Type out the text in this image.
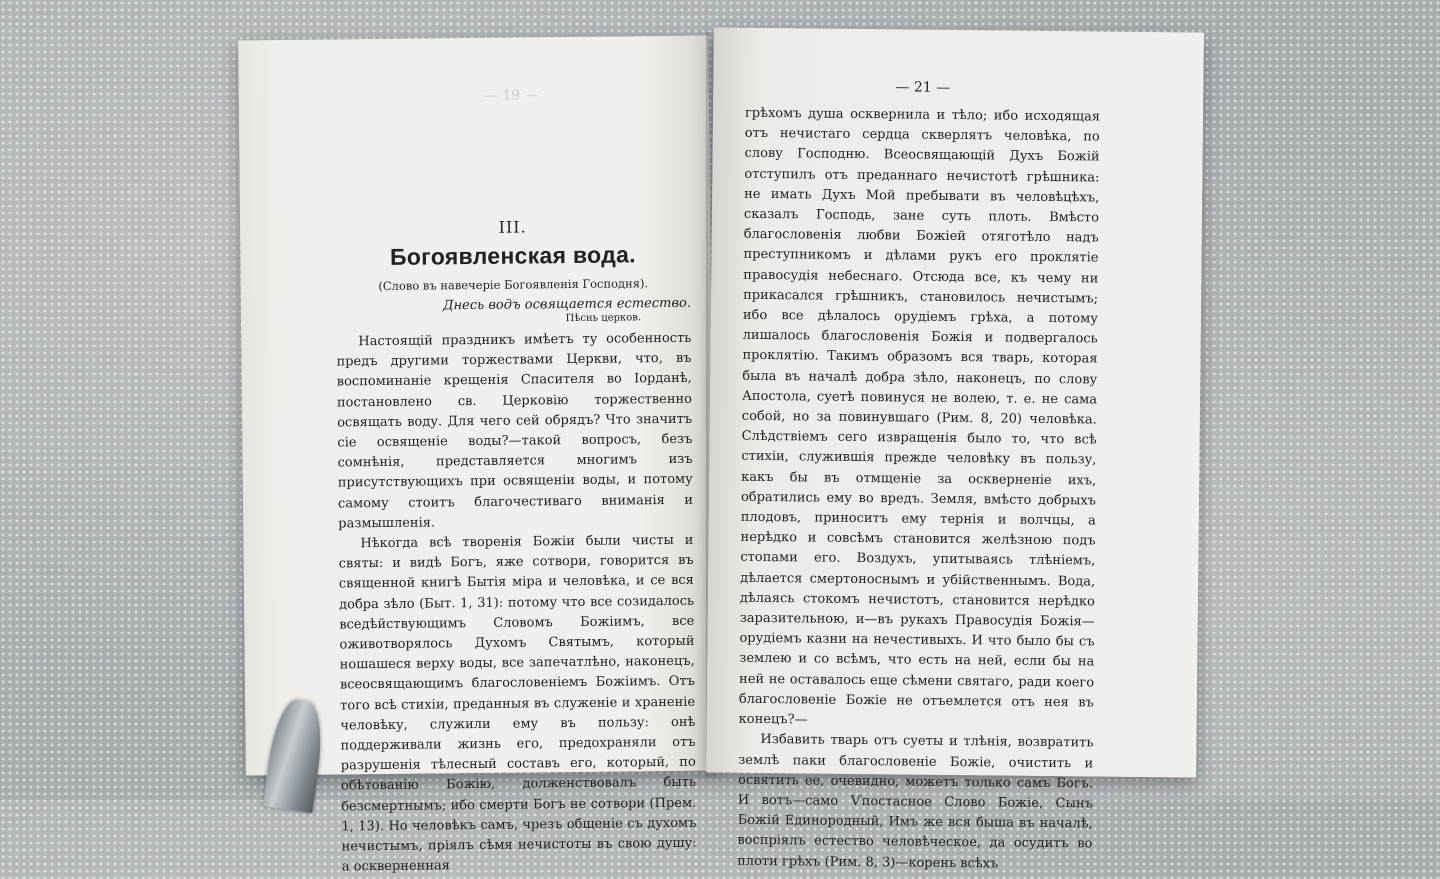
— 19 —
III.
Богоявленская вода.
(Слово въ навечеріе Богоявленія Господня).
Днесь водъ освящается естество.
Пѣснь церков.

Настоящій праздникъ имѣетъ ту особенность предъ другими торжествами Церкви, что, въ воспоминаніе крещенія Спасителя во Іорданѣ, постановлено св. Церковію торжественно освящать воду. Для чего сей обрядъ? Что значитъ сіе освященіе воды?—такой вопросъ, безъ сомнѣнія, представляется многимъ изъ присутствующихъ при освященіи воды, и потому самому стоитъ благочестиваго вниманія и размышленія.

Нѣкогда всѣ творенія Божіи были чисты и святы: и видѣ Богъ, яже сотвори, говорится въ священной книгѣ Бытія міра и человѣка, и се вся добра зѣло (Быт. 1, 31): потому что все созидалось вседѣйствующимъ Словомъ Божіимъ, все оживотворялось Духомъ Святымъ, который ношашеся верху воды, все запечатлѣно, наконецъ, всеосвящающимъ благословеніемъ Божіимъ. Отъ того всѣ стихіи, преданныя въ служеніе и храненіе человѣку, служили ему въ пользу: онѣ поддерживали жизнь его, предохраняли отъ разрушенія тѣлесный составъ его, который, по обѣтованію Божію, долженствовалъ быть безсмертнымъ; ибо смерти Богъ не сотвори (Прем. 1, 13). Но человѣкъ самъ, чрезъ общеніе съ духомъ нечистымъ, пріялъ сѣмя нечистоты въ свою душу: а оскверненная

— 21 —

грѣхомъ душа осквернила и тѣло; ибо исходящая отъ нечистаго сердца скверлятъ человѣка, по слову Господню. Всеосвящающій Духъ Божій отступилъ отъ преданнаго нечистотѣ грѣшника: не имать Духъ Мой пребывати въ человѣцѣхъ, сказалъ Господь, зане суть плоть. Вмѣсто благословенія любви Божіей отяготѣло надъ преступникомъ и дѣлами рукъ его проклятіе правосудія небеснаго. Отсюда все, къ чему ни прикасался грѣшникъ, становилось нечистымъ; ибо все дѣлалось орудіемъ грѣха, а потому лишалось благословенія Божія и подвергалось проклятію. Такимъ образомъ вся тварь, которая была въ началѣ добра зѣло, наконецъ, по слову Апостола, суетѣ повинуся не волею, т. е. не сама собой, но за повинувшаго (Рим. 8, 20) человѣка. Слѣдствіемъ сего извращенія было то, что всѣ стихіи, служившія прежде человѣку въ пользу, какъ бы въ отмщеніе за оскверненіе ихъ, обратились ему во вредъ. Земля, вмѣсто добрыхъ плодовъ, приноситъ ему тернія и волчцы, а нерѣдко и совсѣмъ становится желѣзною подъ стопами его. Воздухъ, упитываясь тлѣніемъ, дѣлается смертоноснымъ и убійственнымъ. Вода, дѣлаясь стокомъ нечистотъ, становится нерѣдко заразительною, и—въ рукахъ Правосудія Божія—орудіемъ казни на нечестивыхъ. И что было бы съ землею и со всѣмъ, что есть на ней, если бы на ней не оставалось еще сѣмени святаго, ради коего благословеніе Божіе не отъемлется отъ нея въ конецъ?—

Избавить тварь отъ суеты и тлѣнія, возвратить землѣ паки благословеніе Божіе, очистить и освятить ее, очевидно, можетъ только самъ Богъ. И вотъ—само Ѵпостасное Слово Божіе, Сынъ Божій Единородный, Имъ же вся быша въ началѣ, воспріялъ естество человѣческое, да осудитъ во плоти грѣхъ (Рим. 8, 3)—корень всѣхъ
